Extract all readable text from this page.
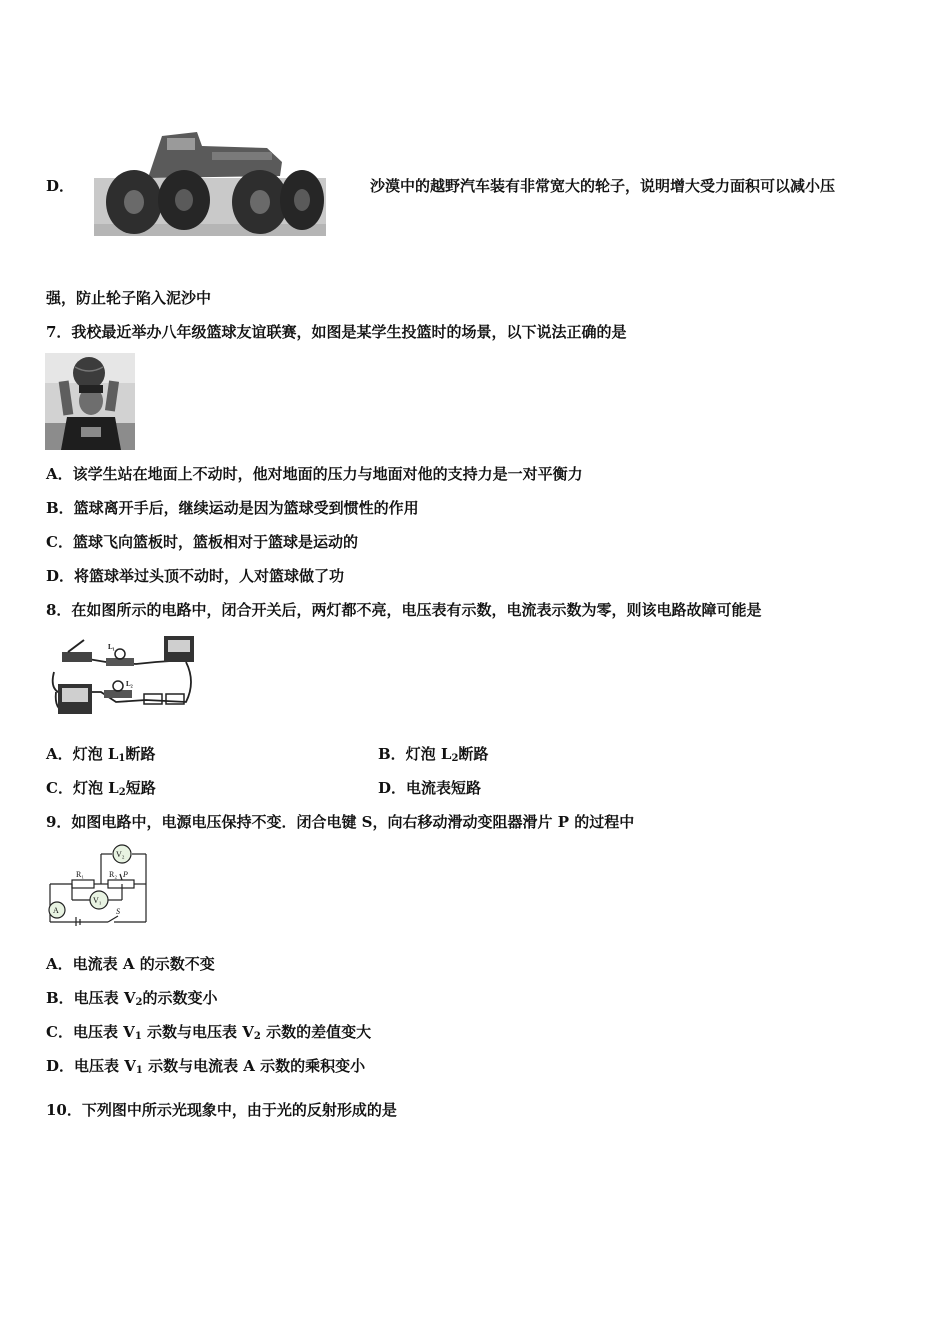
D．	沙漠中的越野汽车装有非常宽大的轮子，说明增大受力面积可以减小压
强，防止轮子陷入泥沙中
7．我校最近举办八年级篮球友谊联赛，如图是某学生投篮时的场景，以下说法正确的是
A．该学生站在地面上不动时，他对地面的压力与地面对他的支持力是一对平衡力
B．篮球离开手后，继续运动是因为篮球受到惯性的作用
C．篮球飞向篮板时，篮板相对于篮球是运动的
D．将篮球举过头顶不动时，人对篮球做了功
8．在如图所示的电路中，闭合开关后，两灯都不亮，电压表有示数，电流表示数为零，则该电路故障可能是
L₁
L₂
A．灯泡 $L_1$断路	B．灯泡 $L_2$断路
C．灯泡 $L_2$短路	D．电流表短路
9．如图电路中，电源电压保持不变．闭合电键 S，向右移动滑动变阻器滑片 P 的过程中
V₂
V₁
A
R₁	R₂ P
S
A．电流表 A 的示数不变
B．电压表 $V_2$的示数变小
C．电压表 $V_1$ 示数与电压表 $V_2$ 示数的差值变大
D．电压表 $V_1$ 示数与电流表 A 示数的乘积变小
10．下列图中所示光现象中，由于光的反射形成的是
